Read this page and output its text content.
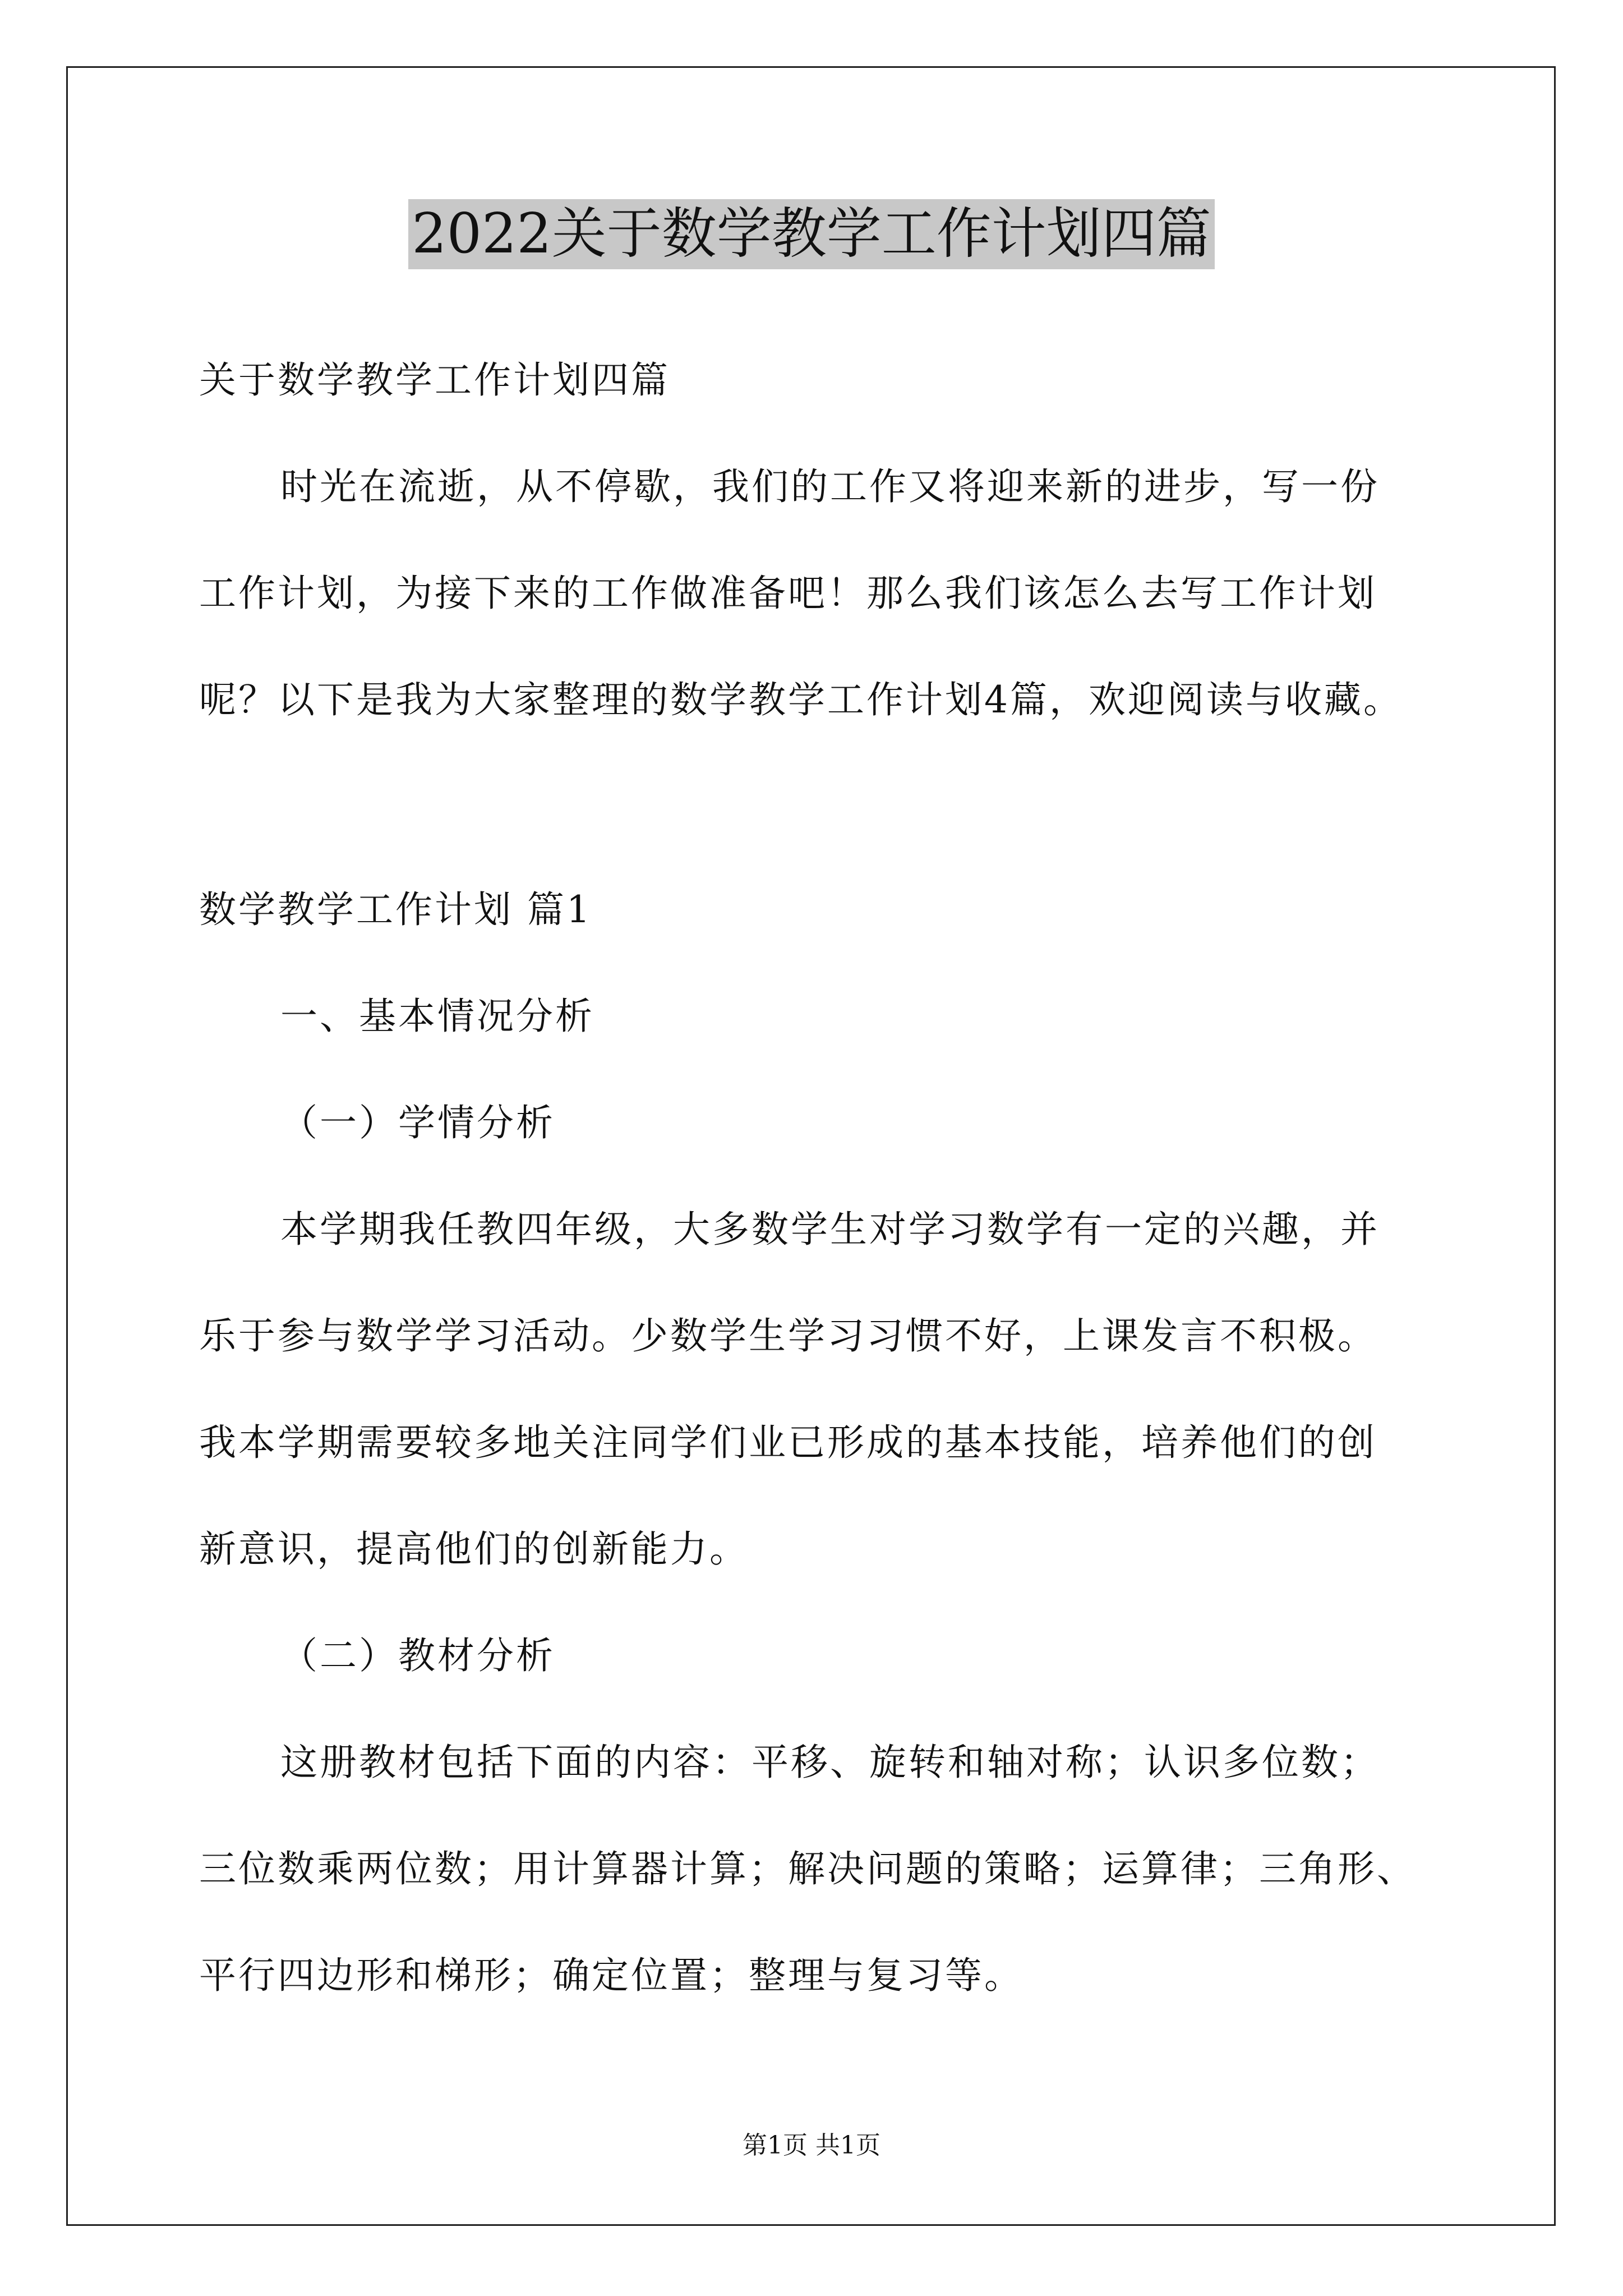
2022关于数学教学工作计划四篇
关于数学教学工作计划四篇
时光在流逝，从不停歇，我们的工作又将迎来新的进步，写一份
工作计划，为接下来的工作做准备吧！那么我们该怎么去写工作计划
呢？以下是我为大家整理的数学教学工作计划4篇，欢迎阅读与收藏。
数学教学工作计划 篇1
一、基本情况分析
（一）学情分析
本学期我任教四年级，大多数学生对学习数学有一定的兴趣，并
乐于参与数学学习活动。少数学生学习习惯不好，上课发言不积极。
我本学期需要较多地关注同学们业已形成的基本技能，培养他们的创
新意识，提高他们的创新能力。
（二）教材分析
这册教材包括下面的内容：平移、旋转和轴对称；认识多位数；
三位数乘两位数；用计算器计算；解决问题的策略；运算律；三角形、
平行四边形和梯形；确定位置；整理与复习等。
第1页 共1页
